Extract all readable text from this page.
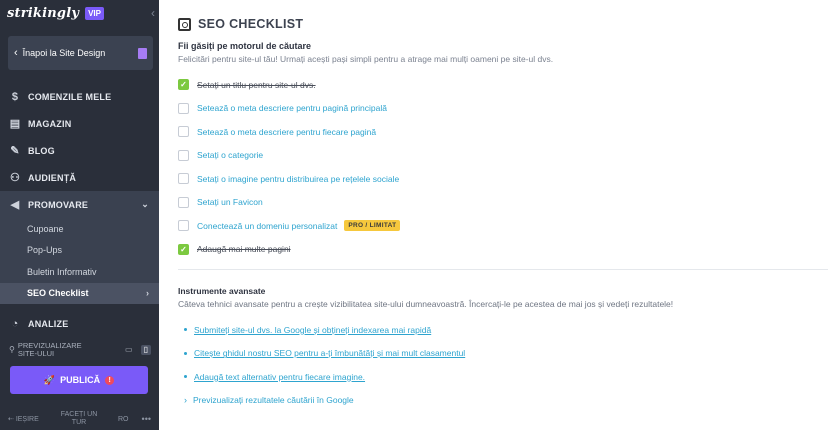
strikingly	VIP	‹
‹ Înapoi la Site Design
$	COMENZILE MELE
▤ MAGAZIN
✎ BLOG
⚇ AUDIENȚĂ
◀ PROMOVARE	⌄
Cupoane
Pop-Ups
Buletin Informativ
SEO Checklist	›
◔ ANALIZE
⚲ PREVIZUALIZARE SITE-ULUI	▭	▯
🚀 PUBLICĂ	!
⇠ IEȘIRE
FACEȚI UN TUR	RO •••
SEO CHECKLIST
Fii găsiți pe motorul de căutare
Felicitări pentru site-ul tău! Urmați acești pași simpli pentru a atrage mai mulți oameni pe site-ul dvs.
✓ Setați un titlu pentru site-ul dvs.
Setează o meta descriere pentru pagină principală
Setează o meta descriere pentru fiecare pagină
Setați o categorie
Setați o imagine pentru distribuirea pe rețelele sociale
Setați un Favicon
Conectează un domeniu personalizat	PRO / LIMITAT
✓ Adaugă mai multe pagini
Instrumente avansate
Câteva tehnici avansate pentru a crește vizibilitatea site-ului dumneavoastră. Încercați-le pe acestea de mai jos și vedeți rezultatele!
Submiteți site-ul dvs. la Google și obțineți indexarea mai rapidă
Citește ghidul nostru SEO pentru a-ți îmbunătăți și mai mult clasamentul
Adaugă text alternativ pentru fiecare imagine.
› Previzualizați rezultatele căutării în Google
